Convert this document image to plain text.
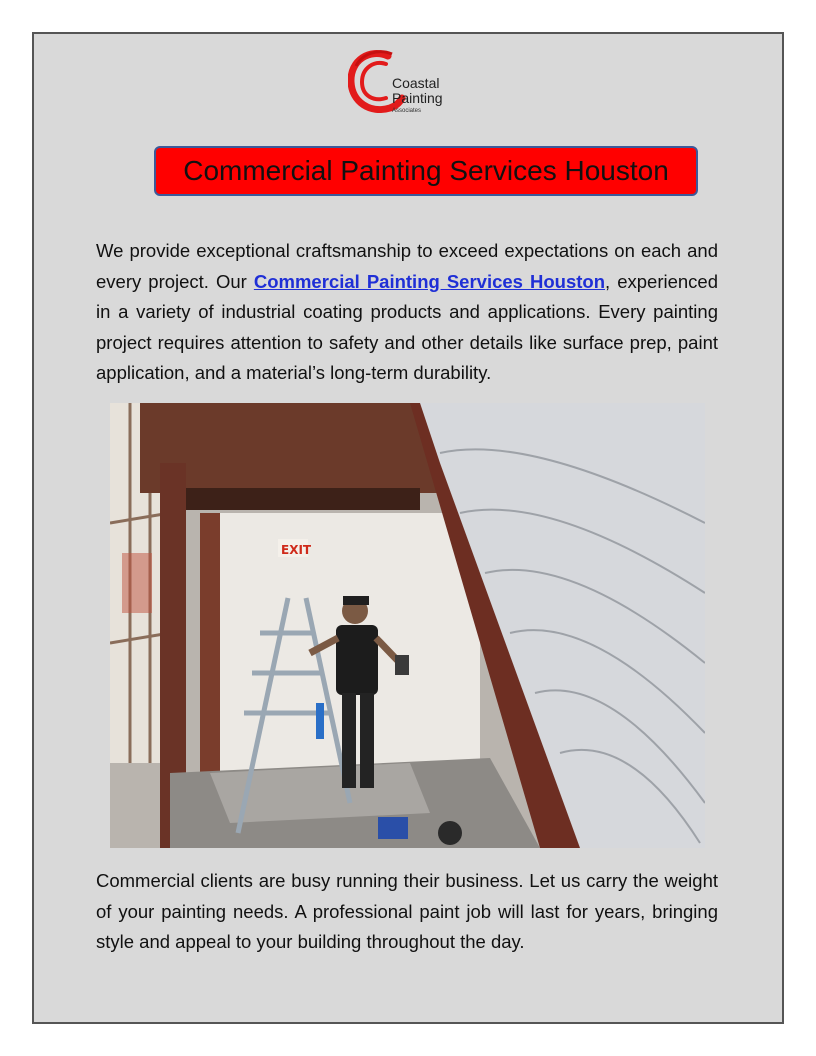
Coastal
Painting
Associates
Commercial Painting Services Houston

We provide exceptional craftsmanship to exceed expectations on each and every project. Our Commercial Painting Services Houston, experienced in a variety of industrial coating products and applications. Every painting project requires attention to safety and other details like surface prep, paint application, and a material’s long-term durability.

EXIT

Commercial clients are busy running their business. Let us carry the weight of your painting needs. A professional paint job will last for years, bringing style and appeal to your building throughout the day.
